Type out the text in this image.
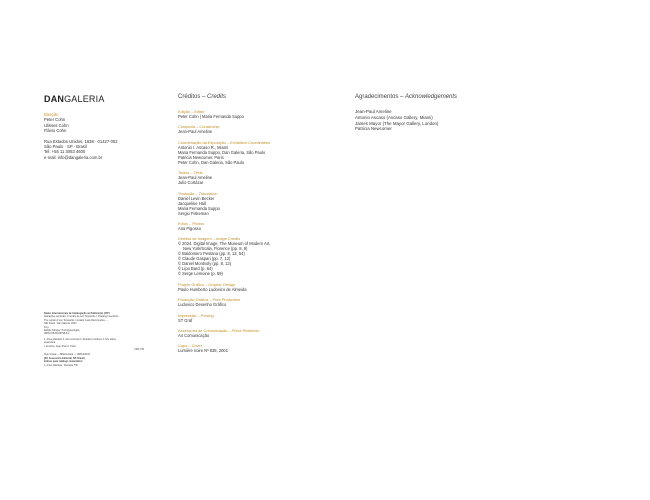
DANGALERIA
Direção
Peter Cohn
Ulisses Cohn
Flávio Cohn
Rua Estados Unidos, 1638 · 01427-002
São Paulo · SP · Brasil
Tel: +55 11 3083 4600
e-mail: info@dangaleria.com.br
Dados Internacionais de Catalogação na Publicação (CIP)
Reinações Lenticias: O retrato de Lúc Tomaszko = Drawing Inventions
The retrato of Luc Tomaszko / curador Jean-Paul Ameline. –
São Paulo : Dan Galeria, 2024
64 p.
Edição bilíngue: Português/Inglês
ISBN 978-65-88798-5-2
1. Artes plásticas 2. Arte concreta 3. Retratos cinéticos 4. Arte latino-
americana
I. Ameline, Jean-Paul II. Título
CDD 730
Sumi Costa — Bibliotecária — CRB-8/3013
(SC Assessoria Editorial, SP, Brasil)
Índices para catálogo sistemático:
1. Artes plásticas : Retratos 730
Créditos – Credits
Edição – Editor
Peter Cohn | Maria Fernanda Suppo
Curadoria – Curatorship
Jean-Paul Ameline
Coordenação da Exposição – Exhibition Coordination
Antonio I. Ascaso R., Miami
Maria Fernanda Suppo, Dan Galeria, São Paulo
Patricia Newcomer, Paris
Peter Cohn, Dan Galeria, São Paulo
Textos – Texts
Jean-Paul Ameline
Julio Cortázar
Tradução – Translation
Daniel Levin Becker
Jacqueline Hall
Maria Fernanda Suppo
Sergio Fiskeman
Fotos – Photos
Ana Pigosso
Direitos de Imagem – Image Credits
© 2024. Digital Image, The Museum of Modern Art,
New York/Scala, Florence (pp. 8, 9)
© Baldomero Pestana (pp. 8, 13, 54)
© Claude Gaspari (pp. 7, 12)
© Daniel Montvoly (pp. 8, 13)
© Lipo Bard (p. 64)
© Serge Lemoine (p. 59)
Projeto Gráfico – Graphic Design
Paulo Humberto Ludovico de Almeida
Produção Gráfica – Print Production
Ludovico Desenho Gráfico
Impressão – Printing
ST Graf
Assessoria de Comunicação – Press Relations
A4 Comunicação
Capa – Cover
Lumière noire Nº 838, 2001
Agradecimentos – Acknowledgements
Jean-Paul Ameline
Antonio Ascaso (Ascaso Gallery, Miami)
James Mayor (The Mayor Gallery, London)
Patricia Newcomer
